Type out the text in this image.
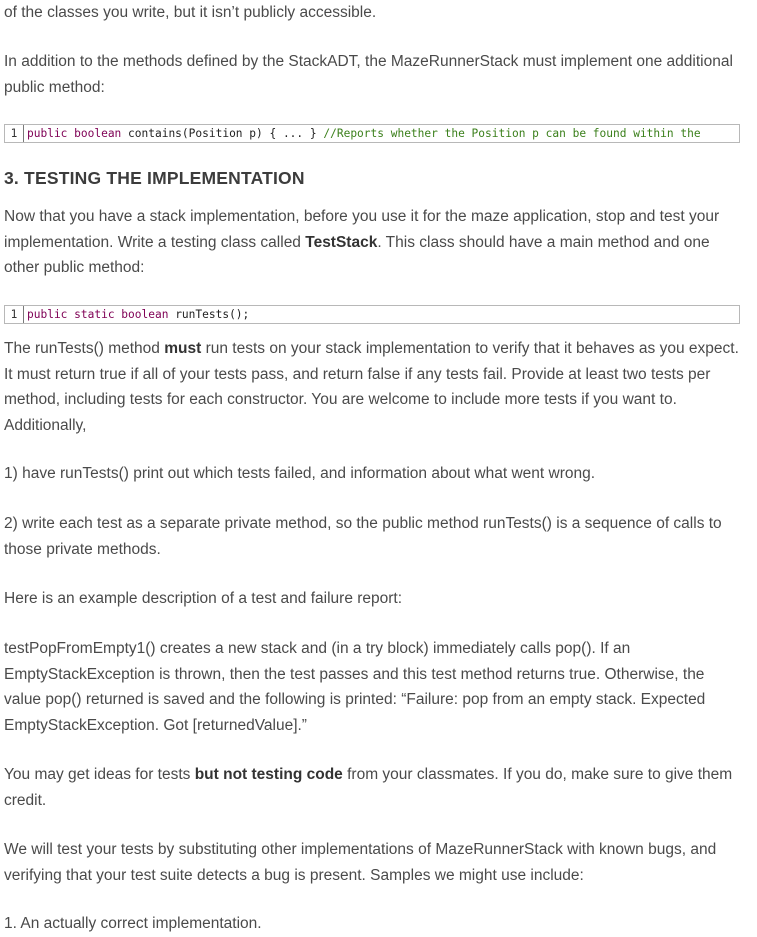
of the classes you write, but it isn’t publicly accessible.

In addition to the methods defined by the StackADT, the MazeRunnerStack must implement one additional public method:

1 public boolean contains(Position p) { ... } //Reports whether the Position p can be found within the
3. TESTING THE IMPLEMENTATION

Now that you have a stack implementation, before you use it for the maze application, stop and test your implementation. Write a testing class called TestStack. This class should have a main method and one other public method:

1 public static boolean runTests();

The runTests() method must run tests on your stack implementation to verify that it behaves as you expect. It must return true if all of your tests pass, and return false if any tests fail. Provide at least two tests per method, including tests for each constructor. You are welcome to include more tests if you want to. Additionally,

1) have runTests() print out which tests failed, and information about what went wrong.

2) write each test as a separate private method, so the public method runTests() is a sequence of calls to those private methods.

Here is an example description of a test and failure report:

testPopFromEmpty1() creates a new stack and (in a try block) immediately calls pop(). If an EmptyStackException is thrown, then the test passes and this test method returns true. Otherwise, the value pop() returned is saved and the following is printed: “Failure: pop from an empty stack. Expected EmptyStackException. Got [returnedValue].”

You may get ideas for tests but not testing code from your classmates. If you do, make sure to give them credit.

We will test your tests by substituting other implementations of MazeRunnerStack with known bugs, and verifying that your test suite detects a bug is present. Samples we might use include:

1. An actually correct implementation.
